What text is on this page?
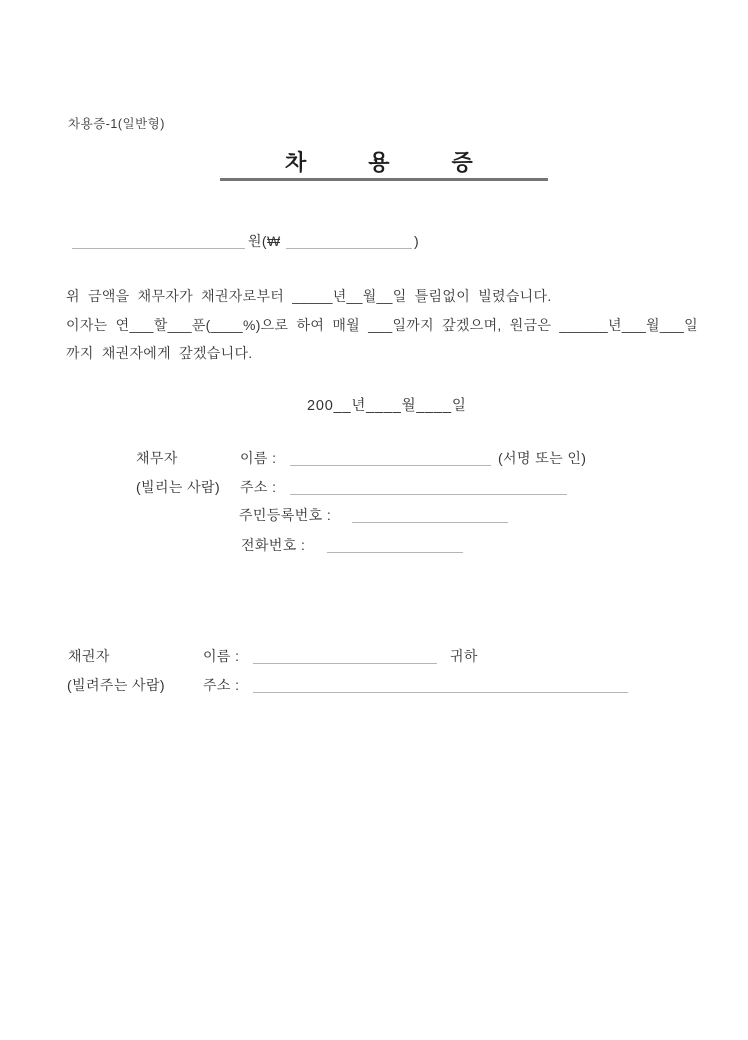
차용증-1(일반형)
차	용	증
원(₩	)
위 금액을 채무자가 채권자로부터 _____년__월__일 틀림없이 빌렸습니다.
이자는 연___할___푼(____%)으로 하여 매월 ___일까지 갚겠으며, 원금은 ______년___월___일
까지 채권자에게 갚겠습니다.
200__년____월____일
채무자
(빌리는 사람)
이름 :	(서명 또는 인)
주소 :
주민등록번호 :
전화번호 :
채권자
(빌려주는 사람)
이름 :	귀하
주소 :
